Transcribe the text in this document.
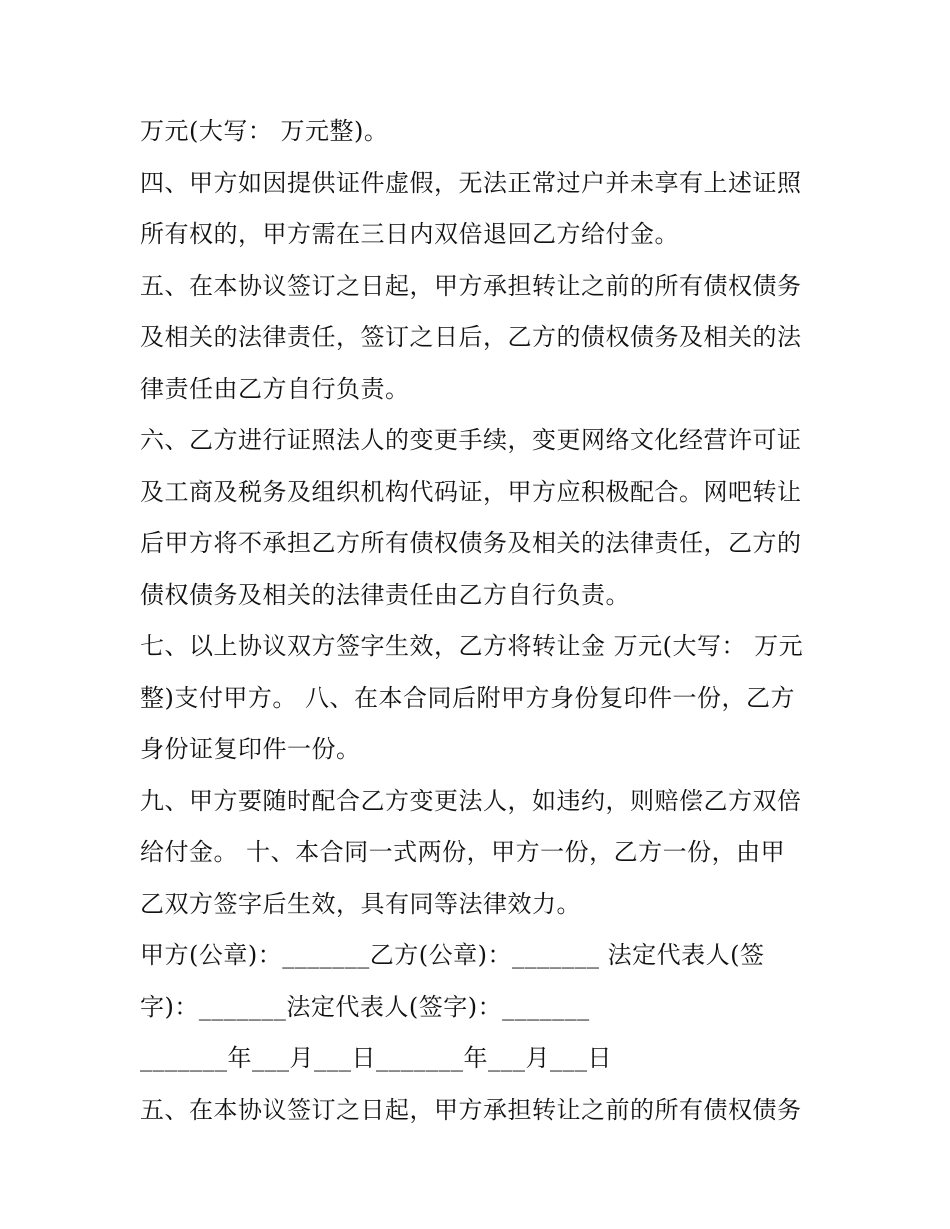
万元(大写： 万元整)。
四、甲方如因提供证件虚假，无法正常过户并未享有上述证照
所有权的，甲方需在三日内双倍退回乙方给付金。
五、在本协议签订之日起，甲方承担转让之前的所有债权债务
及相关的法律责任，签订之日后，乙方的债权债务及相关的法
律责任由乙方自行负责。
六、乙方进行证照法人的变更手续，变更网络文化经营许可证
及工商及税务及组织机构代码证，甲方应积极配合。网吧转让
后甲方将不承担乙方所有债权债务及相关的法律责任，乙方的
债权债务及相关的法律责任由乙方自行负责。
七、以上协议双方签字生效，乙方将转让金 万元(大写： 万元
整)支付甲方。 八、在本合同后附甲方身份复印件一份，乙方
身份证复印件一份。
九、甲方要随时配合乙方变更法人，如违约，则赔偿乙方双倍
给付金。 十、本合同一式两份，甲方一份，乙方一份，由甲
乙双方签字后生效，具有同等法律效力。
甲方(公章)：_______乙方(公章)：_______ 法定代表人(签
字)：_______法定代表人(签字)：_______
_______年___月___日_______年___月___日
五、在本协议签订之日起，甲方承担转让之前的所有债权债务
